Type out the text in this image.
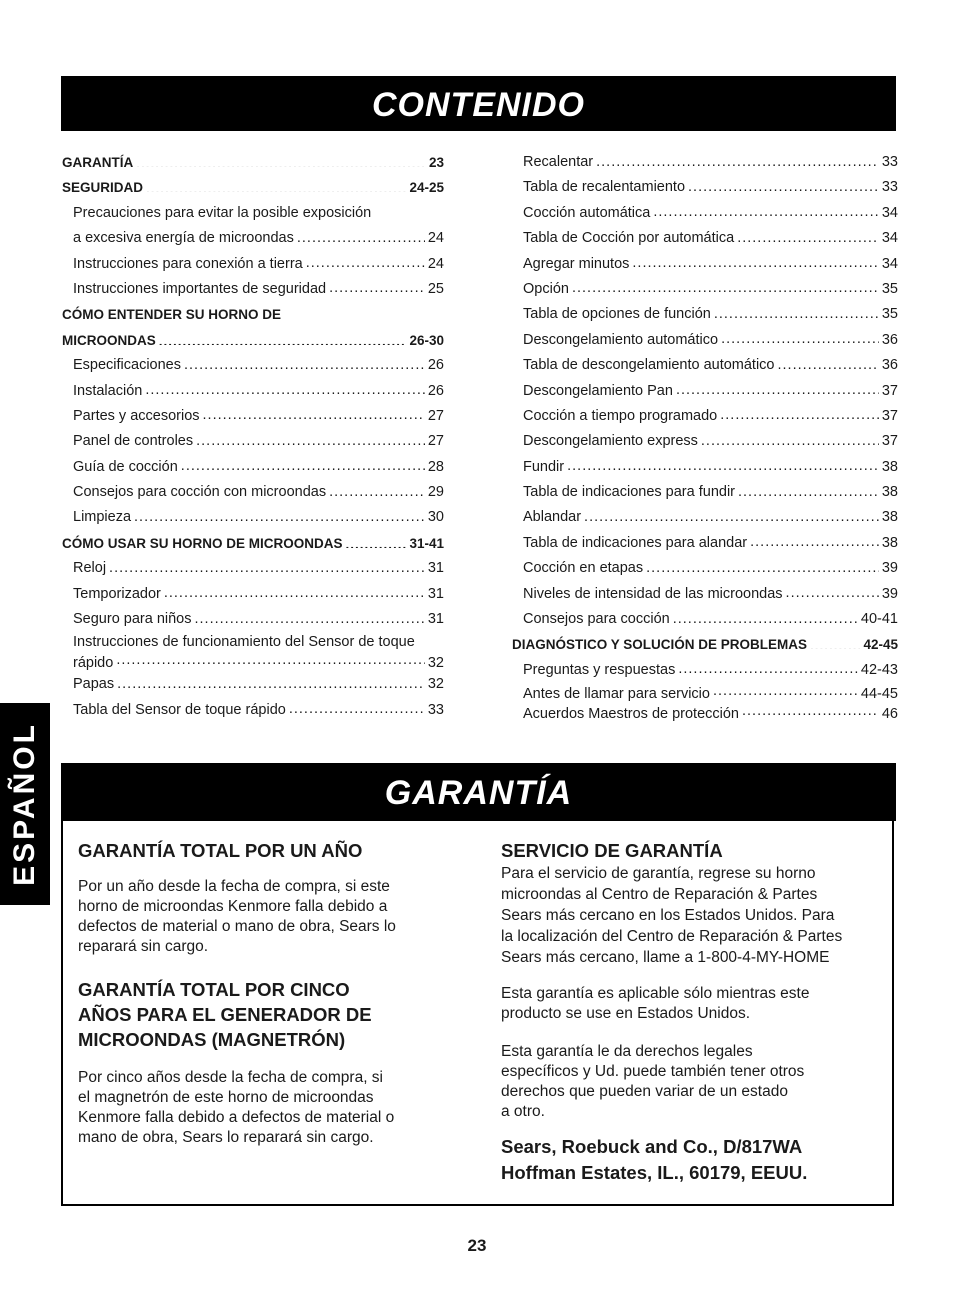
CONTENIDO
GARANTÍA .....	23
SEGURIDAD .....	24-25
Precauciones para evitar la posible exposición
a excesiva energía de microondas .....	24
Instrucciones para conexión a tierra .....	24
Instrucciones importantes de seguridad .....	25
CÓMO ENTENDER SU HORNO DE
MICROONDAS .....	26-30
Especificaciones .....	26
Instalación .....	26
Partes y accesorios .....	27
Panel de controles .....	27
Guía de cocción .....	28
Consejos para cocción con microondas .....	29
Limpieza .....	30
CÓMO USAR SU HORNO DE MICROONDAS .....	31-41
Reloj .....	31
Temporizador .....	31
Seguro para niños .....	31
Instrucciones de funcionamiento del Sensor de toque
rápido .....	32
Papas .....	32
Tabla del Sensor de toque rápido .....	33
Recalentar .....	33
Tabla de recalentamiento .....	33
Cocción automática .....	34
Tabla de Cocción por automática .....	34
Agregar minutos .....	34
Opción .....	35
Tabla de opciones de función .....	35
Descongelamiento automático .....	36
Tabla de descongelamiento automático .....	36
Descongelamiento Pan .....	37
Cocción a tiempo programado .....	37
Descongelamiento express .....	37
Fundir .....	38
Tabla de indicaciones para fundir .....	38
Ablandar .....	38
Tabla de indicaciones para alandar .....	38
Cocción en etapas .....	39
Niveles de intensidad de las microondas .....	39
Consejos para cocción .....	40-41
DIAGNÓSTICO Y SOLUCIÓN DE PROBLEMAS .....	42-45
Preguntas y respuestas .....	42-43
Antes de llamar para servicio .....	44-45
Acuerdos Maestros de protección .....	46
GARANTÍA

GARANTÍA TOTAL POR UN AÑO

Por un año desde la fecha de compra, si este
horno de microondas Kenmore falla debido a
defectos de material o mano de obra, Sears lo
reparará sin cargo.

GARANTÍA TOTAL POR CINCO
AÑOS PARA EL GENERADOR DE
MICROONDAS (MAGNETRÓN)

Por cinco años desde la fecha de compra, si
el magnetrón de este horno de microondas
Kenmore falla debido a defectos de material o
mano de obra, Sears lo reparará sin cargo.

SERVICIO DE GARANTÍA

Para el servicio de garantía, regrese su horno
microondas al Centro de Reparación & Partes
Sears más cercano en los Estados Unidos. Para
la localización del Centro de Reparación & Partes
Sears más cercano, llame a 1-800-4-MY-HOME

Esta garantía es aplicable sólo mientras este
producto se use en Estados Unidos.

Esta garantía le da derechos legales
específicos y Ud. puede también tener otros
derechos que pueden variar de un estado
a otro.

Sears, Roebuck and Co., D/817WA
Hoffman Estates, IL., 60179, EEUU.

ESPAÑOL
23
